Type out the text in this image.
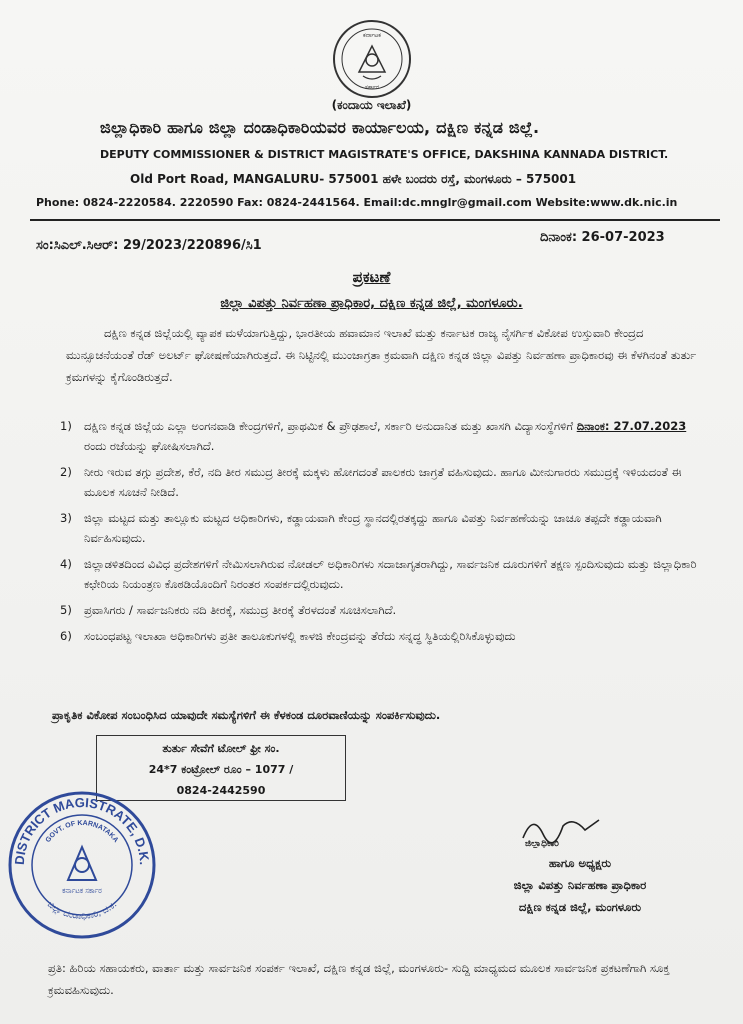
ಕರ್ನಾಟಕ
ಸರ್ಕಾರ
(ಕಂದಾಯ ಇಲಾಖೆ)
ಜಿಲ್ಲಾಧಿಕಾರಿ ಹಾಗೂ ಜಿಲ್ಲಾ ದಂಡಾಧಿಕಾರಿಯವರ ಕಾರ್ಯಾಲಯ, ದಕ್ಷಿಣ ಕನ್ನಡ ಜಿಲ್ಲೆ.
DEPUTY COMMISSIONER & DISTRICT MAGISTRATE'S OFFICE, DAKSHINA KANNADA DISTRICT.
Old Port Road, MANGALURU- 575001 ಹಳೇ ಬಂದರು ರಸ್ತೆ, ಮಂಗಳೂರು – 575001
Phone: 0824-2220584. 2220590 Fax: 0824-2441564. Email:dc.mnglr@gmail.com Website:www.dk.nic.in
ಸಂ:ಸಿಎಲ್.ಸಿಆರ್: 29/2023/220896/ಸಿ1
ದಿನಾಂಕ: 26-07-2023
ಪ್ರಕಟಣೆ
ಜಿಲ್ಲಾ ವಿಪತ್ತು ನಿರ್ವಹಣಾ ಪ್ರಾಧಿಕಾರ, ದಕ್ಷಿಣ ಕನ್ನಡ ಜಿಲ್ಲೆ, ಮಂಗಳೂರು.
ದಕ್ಷಿಣ ಕನ್ನಡ ಜಿಲ್ಲೆಯಲ್ಲಿ ವ್ಯಾಪಕ ಮಳೆಯಾಗುತ್ತಿದ್ದು, ಭಾರತೀಯ ಹವಾಮಾನ ಇಲಾಖೆ ಮತ್ತು ಕರ್ನಾಟಕ ರಾಜ್ಯ ನೈಸರ್ಗಿಕ ವಿಕೋಪ ಉಸ್ತುವಾರಿ ಕೇಂದ್ರದ ಮುನ್ಸೂಚನೆಯಂತೆ ರೆಡ್ ಅಲರ್ಟ್ ಘೋಷಣೆಯಾಗಿರುತ್ತದೆ. ಈ ನಿಟ್ಟಿನಲ್ಲಿ ಮುಂಜಾಗ್ರತಾ ಕ್ರಮವಾಗಿ ದಕ್ಷಿಣ ಕನ್ನಡ ಜಿಲ್ಲಾ ವಿಪತ್ತು ನಿರ್ವಹಣಾ ಪ್ರಾಧಿಕಾರವು ಈ ಕೆಳಗಿನಂತೆ ತುರ್ತು ಕ್ರಮಗಳನ್ನು ಕೈಗೊಂಡಿರುತ್ತದೆ.
1)	ದಕ್ಷಿಣ ಕನ್ನಡ ಜಿಲ್ಲೆಯ ಎಲ್ಲಾ ಅಂಗನವಾಡಿ ಕೇಂದ್ರಗಳಿಗೆ, ಪ್ರಾಥಮಿಕ & ಪ್ರೌಢಶಾಲೆ, ಸರ್ಕಾರಿ ಅನುದಾನಿತ ಮತ್ತು ಖಾಸಗಿ ವಿದ್ಯಾಸಂಸ್ಥೆಗಳಿಗೆ ದಿನಾಂಕ: 27.07.2023 ರಂದು ರಜೆಯನ್ನು ಘೋಷಿಸಲಾಗಿದೆ.
2)	ನೀರು ಇರುವ ತಗ್ಗು ಪ್ರದೇಶ, ಕೆರೆ, ನದಿ ತೀರ ಸಮುದ್ರ ತೀರಕ್ಕೆ ಮಕ್ಕಳು ಹೋಗದಂತೆ ಪಾಲಕರು ಜಾಗ್ರತೆ ವಹಿಸುವುದು. ಹಾಗೂ ಮೀನುಗಾರರು ಸಮುದ್ರಕ್ಕೆ ಇಳಿಯದಂತೆ ಈ ಮೂಲಕ ಸೂಚನೆ ನೀಡಿದೆ.
3)	ಜಿಲ್ಲಾ ಮಟ್ಟದ ಮತ್ತು ತಾಲ್ಲೂಕು ಮಟ್ಟದ ಅಧಿಕಾರಿಗಳು, ಕಡ್ಡಾಯವಾಗಿ ಕೇಂದ್ರ ಸ್ಥಾನದಲ್ಲಿರತಕ್ಕದ್ದು ಹಾಗೂ ವಿಪತ್ತು ನಿರ್ವಹಣೆಯನ್ನು ಚಾಚೂ ತಪ್ಪದೇ ಕಡ್ಡಾಯವಾಗಿ ನಿರ್ವಹಿಸುವುದು.
4)	ಜಿಲ್ಲಾಡಳಿತದಿಂದ ವಿವಿಧ ಪ್ರದೇಶಗಳಿಗೆ ನೇಮಿಸಲಾಗಿರುವ ನೋಡಲ್ ಅಧಿಕಾರಿಗಳು ಸದಾಜಾಗೃತರಾಗಿದ್ದು, ಸಾರ್ವಜನಿಕ ದೂರುಗಳಿಗೆ ತಕ್ಷಣ ಸ್ಪಂದಿಸುವುದು ಮತ್ತು ಜಿಲ್ಲಾಧಿಕಾರಿ ಕಛೇರಿಯ ನಿಯಂತ್ರಣ ಕೊಠಡಿಯೊಂದಿಗೆ ನಿರಂತರ ಸಂಪರ್ಕದಲ್ಲಿರುವುದು.
5)	ಪ್ರವಾಸಿಗರು / ಸಾರ್ವಜನಿಕರು ನದಿ ತೀರಕ್ಕೆ, ಸಮುದ್ರ ತೀರಕ್ಕೆ ತೆರಳದಂತೆ ಸೂಚಿಸಲಾಗಿದೆ.
6)	ಸಂಬಂಧಪಟ್ಟ ಇಲಾಖಾ ಅಧಿಕಾರಿಗಳು ಪ್ರತೀ ತಾಲೂಕುಗಳಲ್ಲಿ ಕಾಳಜಿ ಕೇಂದ್ರವನ್ನು ತೆರೆದು ಸನ್ನದ್ಧ ಸ್ಥಿತಿಯಲ್ಲಿರಿಸಿಕೊಳ್ಳುವುದು
ಪ್ರಾಕೃತಿಕ ವಿಕೋಪ ಸಂಬಂಧಿಸಿದ ಯಾವುದೇ ಸಮಸ್ಯೆಗಳಿಗೆ ಈ ಕೆಳಕಂಡ ದೂರವಾಣಿಯನ್ನು ಸಂಪರ್ಕಿಸುವುದು.
ತುರ್ತು ಸೇವೆಗೆ ಟೋಲ್ ಫ್ರೀ ಸಂ.
24*7 ಕಂಟ್ರೋಲ್ ರೂಂ – 1077 /
0824-2442590
DISTRICT MAGISTRATE, D.K.
GOVT. OF KARNATAKA
ಕರ್ನಾಟಕ ಸರ್ಕಾರ
ಜಿಲ್ಲಾ ದಂಡಾಧಿಕಾರಿ, ದ.ಕ.
ಜಿಲ್ಲಾಧಿಕಾರಿ
ಹಾಗೂ ಅಧ್ಯಕ್ಷರು
ಜಿಲ್ಲಾ ವಿಪತ್ತು ನಿರ್ವಹಣಾ ಪ್ರಾಧಿಕಾರ
ದಕ್ಷಿಣ ಕನ್ನಡ ಜಿಲ್ಲೆ, ಮಂಗಳೂರು
ಪ್ರತಿ: ಹಿರಿಯ ಸಹಾಯಕರು, ವಾರ್ತಾ ಮತ್ತು ಸಾರ್ವಜನಿಕ ಸಂಪರ್ಕ ಇಲಾಖೆ, ದಕ್ಷಿಣ ಕನ್ನಡ ಜಿಲ್ಲೆ, ಮಂಗಳೂರು- ಸುದ್ದಿ ಮಾಧ್ಯಮದ ಮೂಲಕ ಸಾರ್ವಜನಿಕ ಪ್ರಕಟಣೆಗಾಗಿ ಸೂಕ್ತ ಕ್ರಮವಹಿಸುವುದು.
